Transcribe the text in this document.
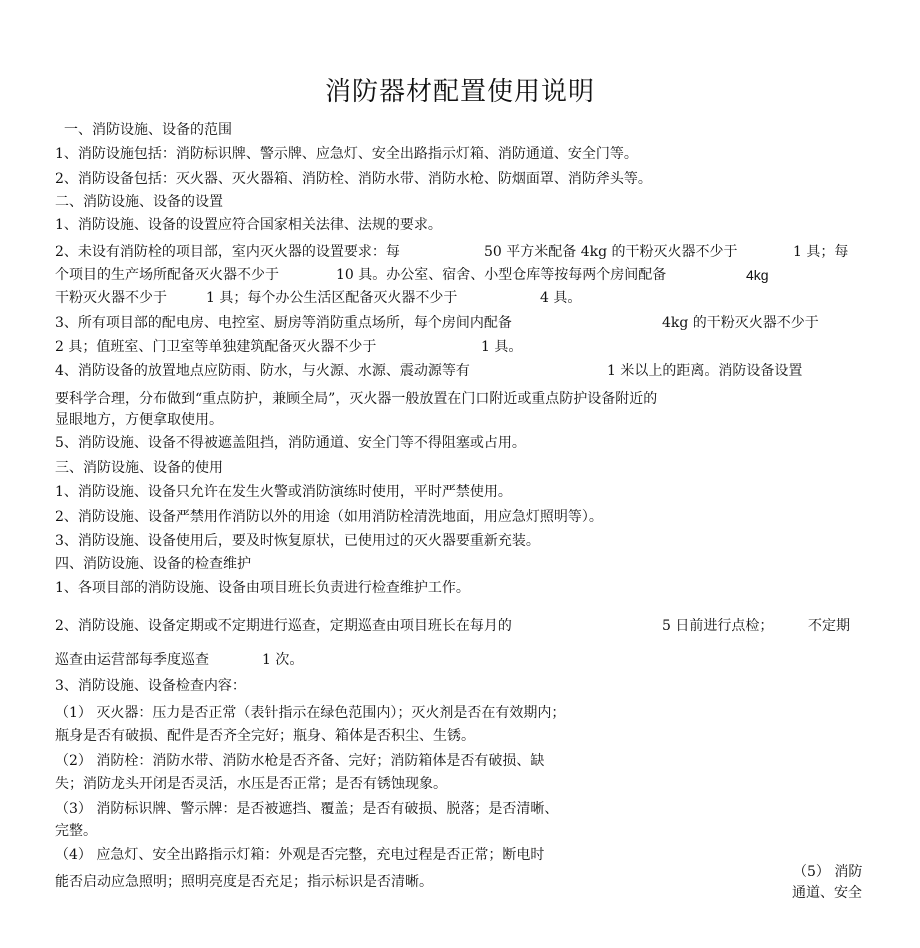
消防器材配置使用说明
一、消防设施、设备的范围
1、消防设施包括：消防标识牌、警示牌、应急灯、安全出路指示灯箱、消防通道、安全门等。
2、消防设备包括：灭火器、灭火器箱、消防栓、消防水带、消防水枪、防烟面罩、消防斧头等。
二、消防设施、设备的设置
1、消防设施、设备的设置应符合国家相关法律、法规的要求。
2、未设有消防栓的项目部，室内灭火器的设置要求：每	50 平方米配备 4kg 的干粉灭火器不少于	1 具；每
个项目的生产场所配备灭火器不少于	10 具。办公室、宿舍、小型仓库等按每两个房间配备	4kg
干粉灭火器不少于	1 具；每个办公生活区配备灭火器不少于	4 具。
3、所有项目部的配电房、电控室、厨房等消防重点场所，每个房间内配备	4kg 的干粉灭火器不少于
2 具；值班室、门卫室等单独建筑配备灭火器不少于	1 具。
4、消防设备的放置地点应防雨、防水，与火源、水源、震动源等有	1 米以上的距离。消防设备设置
要科学合理，分布做到“重点防护，兼顾全局”，灭火器一般放置在门口附近或重点防护设备附近的
显眼地方，方便拿取使用。
5、消防设施、设备不得被遮盖阻挡，消防通道、安全门等不得阻塞或占用。
三、消防设施、设备的使用
1、消防设施、设备只允许在发生火警或消防演练时使用，平时严禁使用。
2、消防设施、设备严禁用作消防以外的用途（如用消防栓清洗地面，用应急灯照明等）。
3、消防设施、设备使用后，要及时恢复原状，已使用过的灭火器要重新充装。
四、消防设施、设备的检查维护
1、各项目部的消防设施、设备由项目班长负责进行检查维护工作。
2、消防设施、设备定期或不定期进行巡查，定期巡查由项目班长在每月的	5 日前进行点检； 不定期
巡查由运营部每季度巡查	1 次。
3、消防设施、设备检查内容：
（1） 灭火器：压力是否正常（表针指示在绿色范围内）；灭火剂是否在有效期内；
瓶身是否有破损、配件是否齐全完好；瓶身、箱体是否积尘、生锈。
（2） 消防栓：消防水带、消防水枪是否齐备、完好；消防箱体是否有破损、缺
失；消防龙头开闭是否灵活，水压是否正常；是否有锈蚀现象。
（3） 消防标识牌、警示牌：是否被遮挡、覆盖；是否有破损、脱落；是否清晰、
完整。
（4） 应急灯、安全出路指示灯箱：外观是否完整，充电过程是否正常；断电时
能否启动应急照明；照明亮度是否充足；指示标识是否清晰。
（5） 消防
通道、安全
